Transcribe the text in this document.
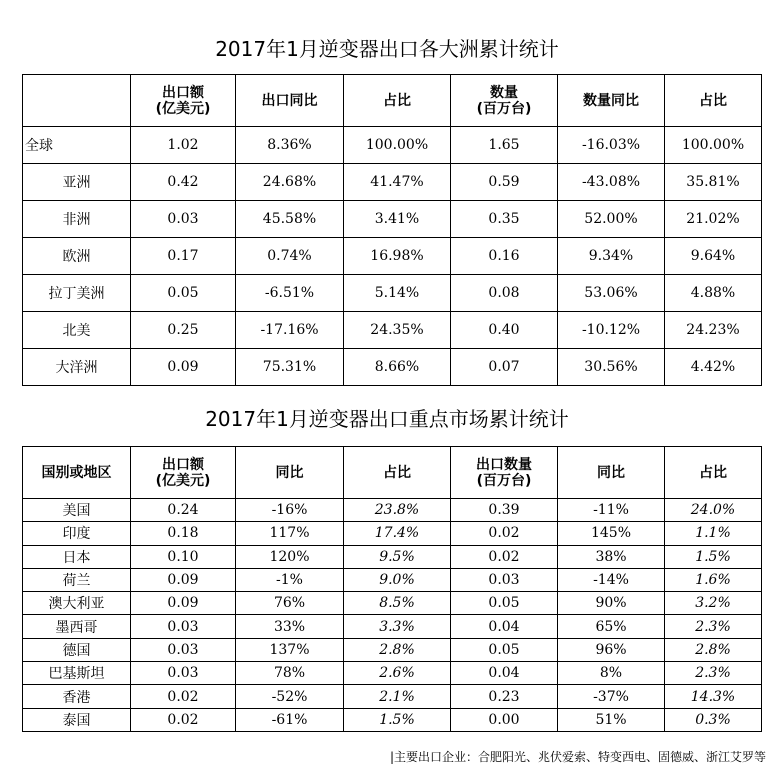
2017年1月逆变器出口各大洲累计统计
	出口额
(亿美元)	出口同比	占比	数量
(百万台)	数量同比	占比
全球	1.02	8.36%	100.00%	1.65	-16.03%	100.00%
亚洲	0.42	24.68%	41.47%	0.59	-43.08%	35.81%
非洲	0.03	45.58%	3.41%	0.35	52.00%	21.02%
欧洲	0.17	0.74%	16.98%	0.16	9.34%	9.64%
拉丁美洲	0.05	-6.51%	5.14%	0.08	53.06%	4.88%
北美	0.25	-17.16%	24.35%	0.40	-10.12%	24.23%
大洋洲	0.09	75.31%	8.66%	0.07	30.56%	4.42%
2017年1月逆变器出口重点市场累计统计
国别或地区	出口额
(亿美元)	同比	占比	出口数量
(百万台)	同比	占比
美国	0.24	-16%	23.8%	0.39	-11%	24.0%
印度	0.18	117%	17.4%	0.02	145%	1.1%
日本	0.10	120%	9.5%	0.02	38%	1.5%
荷兰	0.09	-1%	9.0%	0.03	-14%	1.6%
澳大利亚	0.09	76%	8.5%	0.05	90%	3.2%
墨西哥	0.03	33%	3.3%	0.04	65%	2.3%
德国	0.03	137%	2.8%	0.05	96%	2.8%
巴基斯坦	0.03	78%	2.6%	0.04	8%	2.3%
香港	0.02	-52%	2.1%	0.23	-37%	14.3%
泰国	0.02	-61%	1.5%	0.00	51%	0.3%
|主要出口企业：合肥阳光、兆伏爱索、特变西电、固德威、浙江艾罗等
